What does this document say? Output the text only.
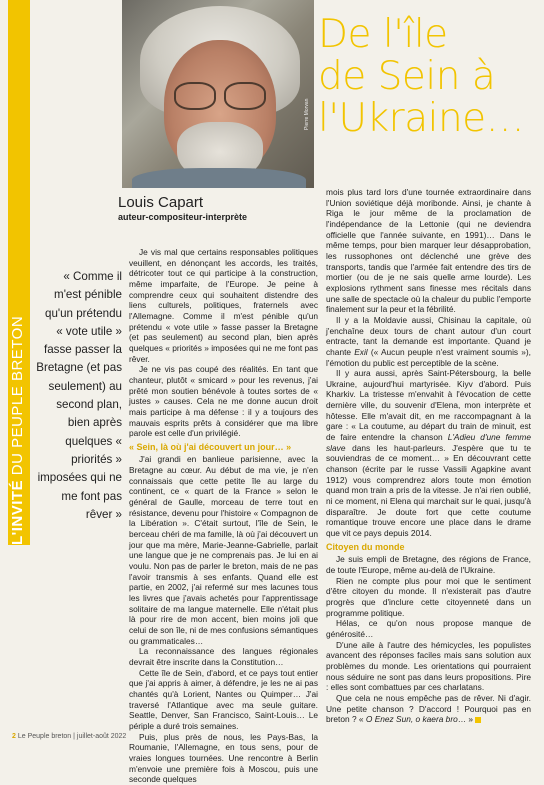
L'INVITÉ DU PEUPLE BRETON
Pierre Morvan
De l'île
de Sein à
l'Ukraine…
Louis Capart
auteur-compositeur-interprète
« Comme il m'est pénible qu'un prétendu « vote utile » fasse passer la Bretagne (et pas seulement) au second plan, bien après quelques « priorités » imposées qui ne me font pas rêver »

Je vis mal que certains responsables politiques veuillent, en dénonçant les accords, les traités, détricoter tout ce qui participe à la construction, même imparfaite, de l'Europe. Je peine à comprendre ceux qui souhaitent distendre des liens culturels, politiques, fraternels avec l'Allemagne. Comme il m'est pénible qu'un prétendu « vote utile » fasse passer la Bretagne (et pas seulement) au second plan, bien après quelques « priorités » imposées qui ne me font pas rêver.

Je ne vis pas coupé des réalités. En tant que chanteur, plutôt « smicard » pour les revenus, j'ai prêté mon soutien bénévole à toutes sortes de « justes » causes. Cela ne me donne aucun droit mais participe à ma défense : il y a toujours des mauvais esprits prêts à considérer que ma libre parole est celle d'un privilégié.

« Sein, là où j'ai découvert un jour… »

J'ai grandi en banlieue parisienne, avec la Bretagne au cœur. Au début de ma vie, je n'en connaissais que cette petite île au large du continent, ce « quart de la France » selon le général de Gaulle, morceau de terre tout en résistance, devenu pour l'histoire « Compagnon de la Libération ». C'était surtout, l'île de Sein, le berceau chéri de ma famille, là où j'ai découvert un jour que ma mère, Marie-Jeanne-Gabrielle, parlait une langue que je ne comprenais pas. Je lui en ai voulu. Non pas de parler le breton, mais de ne pas l'avoir transmis à ses enfants. Quand elle est partie, en 2002, j'ai refermé sur mes lacunes tous les livres que j'avais achetés pour l'apprentissage solitaire de ma langue maternelle. Elle n'était plus là pour rire de mon accent, bien moins joli que celui de son île, ni de mes confusions sémantiques ou grammaticales…

La reconnaissance des langues régionales devrait être inscrite dans la Constitution…

Cette île de Sein, d'abord, et ce pays tout entier que j'ai appris à aimer, à défendre, je les ne ai pas chantés qu'à Lorient, Nantes ou Quimper… J'ai traversé l'Atlantique avec ma seule guitare. Seattle, Denver, San Francisco, Saint-Louis… Le périple a duré trois semaines.

Puis, plus près de nous, les Pays-Bas, la Roumanie, l'Allemagne, en tous sens, pour de vraies longues tournées. Une rencontre à Berlin m'envoie une première fois à Moscou, puis une seconde quelques

mois plus tard lors d'une tournée extraordinaire dans l'Union soviétique déjà moribonde. Ainsi, je chante à Riga le jour même de la proclamation de l'indépendance de la Lettonie (qui ne deviendra officielle que l'année suivante, en 1991)… Dans le même temps, pour bien marquer leur désapprobation, les russophones ont déclenché une grève des transports, tandis que l'armée fait entendre des tirs de mortier (ou de je ne sais quelle arme lourde). Les explosions rythment sans finesse mes récitals dans une salle de spectacle où la chaleur du public l'emporte finalement sur la peur et la fébrilité.

Il y a la Moldavie aussi, Chisinau la capitale, où j'enchaîne deux tours de chant autour d'un court entracte, tant la demande est importante. Quand je chante Exil (« Aucun peuple n'est vraiment soumis »), l'émotion du public est perceptible de la scène.

Il y aura aussi, après Saint-Pétersbourg, la belle Ukraine, aujourd'hui martyrisée. Kiyv d'abord. Puis Kharkiv. La tristesse m'envahit à l'évocation de cette dernière ville, du souvenir d'Elena, mon interprète et hôtesse. Elle m'avait dit, en me raccompagnant à la gare : « La coutume, au départ du train de minuit, est de faire entendre la chanson L'Adieu d'une femme slave dans les haut-parleurs. J'espère que tu te souviendras de ce moment… » En découvrant cette chanson (écrite par le russe Vassili Agapkine avant 1912) vous comprendrez alors toute mon émotion quand mon train a pris de la vitesse. Je n'ai rien oublié, ni ce moment, ni Elena qui marchait sur le quai, jusqu'à disparaître. Je doute fort que cette coutume romantique trouve encore une place dans le drame que vit ce pays depuis 2014.

Citoyen du monde

Je suis empli de Bretagne, des régions de France, de toute l'Europe, même au-delà de l'Ukraine.

Rien ne compte plus pour moi que le sentiment d'être citoyen du monde. Il n'existerait pas d'autre progrès que d'inclure cette citoyenneté dans un programme politique.

Hélas, ce qu'on nous propose manque de générosité…

D'une aile à l'autre des hémicycles, les populistes avancent des réponses faciles mais sans solution aux problèmes du monde. Les orientations qui pourraient nous séduire ne sont pas dans leurs propositions. Pire : elles sont combattues par ces charlatans.

Que cela ne nous empêche pas de rêver. Ni d'agir. Une petite chanson ? D'accord ! Pourquoi pas en breton ? « O Enez Sun, o kaera bro… »

2 Le Peuple breton | juillet-août 2022
